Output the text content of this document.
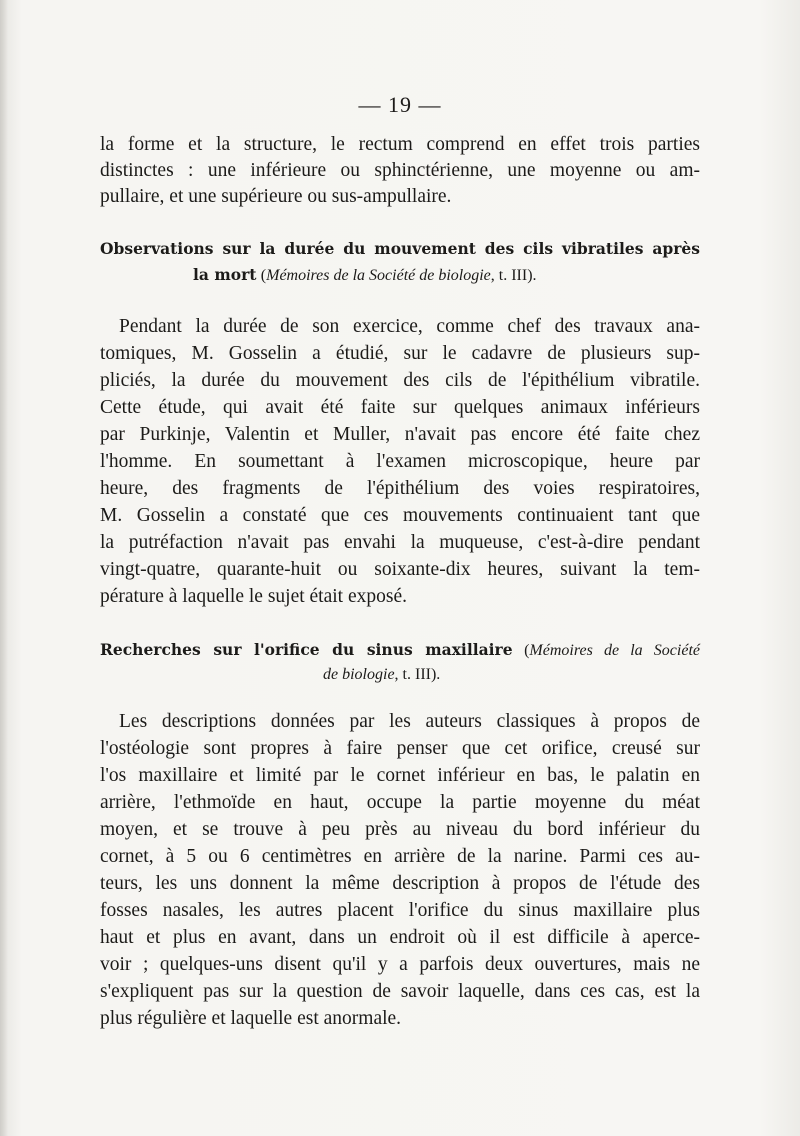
— 19 —
la forme et la structure, le rectum comprend en effet trois parties
distinctes : une inférieure ou sphinctérienne, une moyenne ou am-
pullaire, et une supérieure ou sus-ampullaire.
Observations sur la durée du mouvement des cils vibratiles après
la mort (Mémoires de la Société de biologie, t. III).
Pendant la durée de son exercice, comme chef des travaux ana-
tomiques, M. Gosselin a étudié, sur le cadavre de plusieurs sup-
pliciés, la durée du mouvement des cils de l'épithélium vibratile.
Cette étude, qui avait été faite sur quelques animaux inférieurs
par Purkinje, Valentin et Muller, n'avait pas encore été faite chez
l'homme. En soumettant à l'examen microscopique, heure par
heure, des fragments de l'épithélium des voies respiratoires,
M. Gosselin a constaté que ces mouvements continuaient tant que
la putréfaction n'avait pas envahi la muqueuse, c'est-à-dire pendant
vingt-quatre, quarante-huit ou soixante-dix heures, suivant la tem-
pérature à laquelle le sujet était exposé.
Recherches sur l'orifice du sinus maxillaire (Mémoires de la Société
de biologie, t. III).
Les descriptions données par les auteurs classiques à propos de
l'ostéologie sont propres à faire penser que cet orifice, creusé sur
l'os maxillaire et limité par le cornet inférieur en bas, le palatin en
arrière, l'ethmoïde en haut, occupe la partie moyenne du méat
moyen, et se trouve à peu près au niveau du bord inférieur du
cornet, à 5 ou 6 centimètres en arrière de la narine. Parmi ces au-
teurs, les uns donnent la même description à propos de l'étude des
fosses nasales, les autres placent l'orifice du sinus maxillaire plus
haut et plus en avant, dans un endroit où il est difficile à aperce-
voir ; quelques-uns disent qu'il y a parfois deux ouvertures, mais ne
s'expliquent pas sur la question de savoir laquelle, dans ces cas, est la
plus régulière et laquelle est anormale.
